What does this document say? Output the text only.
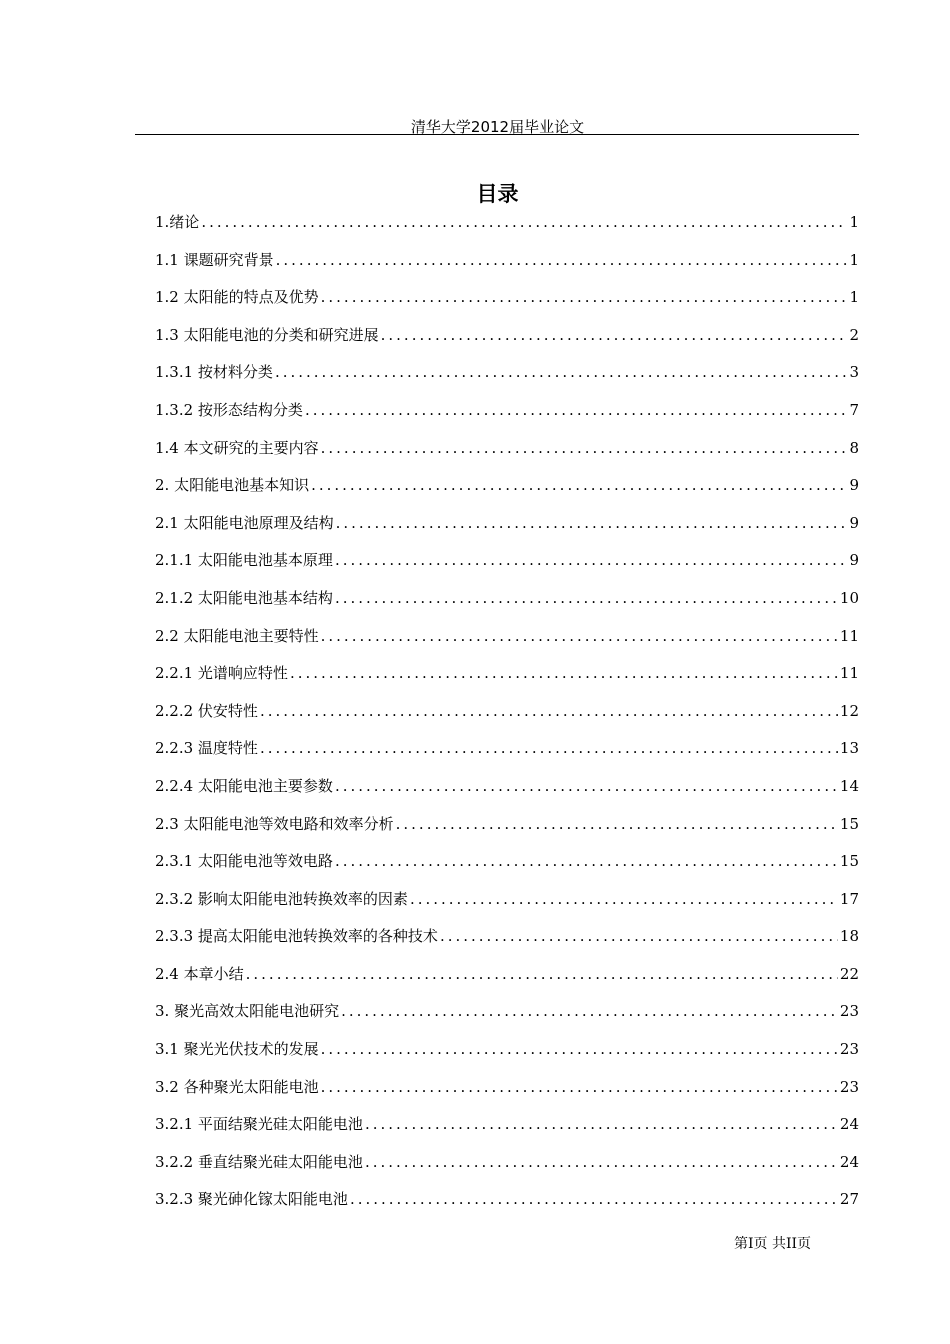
清华大学2012届毕业论文
目录
1.绪论 .....	1
1.1 课题研究背景 .....	1
1.2 太阳能的特点及优势 .....	1
1.3 太阳能电池的分类和研究进展 .....	2
1.3.1 按材料分类 .....	3
1.3.2 按形态结构分类 .....	7
1.4 本文研究的主要内容 .....	8
2. 太阳能电池基本知识 .....	9
2.1 太阳能电池原理及结构 .....	9
2.1.1 太阳能电池基本原理 .....	9
2.1.2 太阳能电池基本结构 .....	10
2.2 太阳能电池主要特性 .....	11
2.2.1 光谱响应特性 .....	11
2.2.2 伏安特性 .....	12
2.2.3 温度特性 .....	13
2.2.4 太阳能电池主要参数 .....	14
2.3 太阳能电池等效电路和效率分析 .....	15
2.3.1 太阳能电池等效电路 .....	15
2.3.2 影响太阳能电池转换效率的因素 .....	17
2.3.3 提高太阳能电池转换效率的各种技术 .....	18
2.4 本章小结 .....	22
3. 聚光高效太阳能电池研究 .....	23
3.1 聚光光伏技术的发展 .....	23
3.2 各种聚光太阳能电池 .....	23
3.2.1 平面结聚光硅太阳能电池 .....	24
3.2.2 垂直结聚光硅太阳能电池 .....	24
3.2.3 聚光砷化镓太阳能电池 .....	27
第I页 共II页
